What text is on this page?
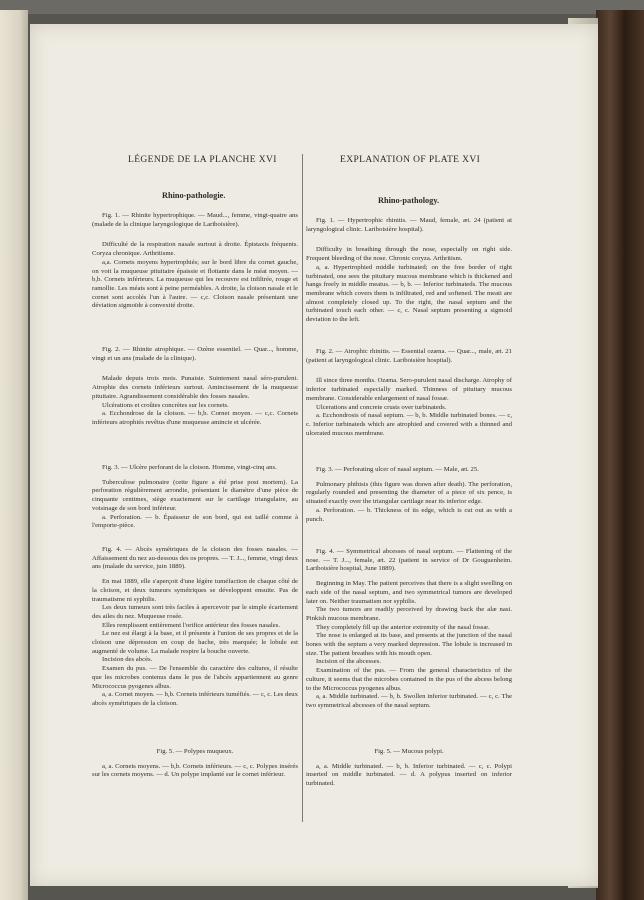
LÉGENDE DE LA PLANCHE XVI
Rhino-pathologie.

Fig. 1. — Rhinite hypertrophique. — Maud..., femme, vingt-quatre ans (malade de la clinique laryngologique de Lariboisière).

Difficulté de la respiration nasale surtout à droite. Épistaxis fréquents. Coryza chronique. Arthritisme.

a,a. Cornets moyens hypertrophiés; sur le bord libre du cornet gauche, on voit la muqueuse pituitaire épaissie et flottante dans le méat moyen. — b,b. Cornets inférieurs. La muqueuse qui les recouvre est infiltrée, rouge et ramollie. Les méats sont à peine perméables. A droite, la cloison nasale et le cornet sont accolés l'un à l'autre. — c,c. Cloison nasale présentant une déviation sigmoïde à convexité droite.

Fig. 2. — Rhinite atrophique. — Ozène essentiel. — Quar..., homme, vingt et un ans (malade de la clinique).

Malade depuis trois mois. Punaisie. Suintement nasal séro-purulent. Atrophie des cornets inférieurs surtout. Amincissement de la muqueuse pituitaire. Agrandissement considérable des fosses nasales.

Ulcérations et croûtes concrètes sur les cornets.

a. Ecchondrose de la cloison. — b,b. Cornet moyen. — c,c. Cornets inférieurs atrophiés revêtus d'une muqueuse amincie et ulcérée.

Fig. 3. — Ulcère perforant de la cloison. Homme, vingt-cinq ans.

Tuberculose pulmonaire (cette figure a été prise post mortem). La perforation régulièrement arrondie, présentant le diamètre d'une pièce de cinquante centimes, siège exactement sur le cartilage triangulaire, au voisinage de son bord inférieur.

a. Perforation. — b. Épaisseur de son bord, qui est taillé comme à l'emporte-pièce.

Fig. 4. — Abcès symétriques de la cloison des fosses nasales. — Affaissement du nez au-dessous des os propres. — T. J..., femme, vingt deux ans (malade du service, juin 1889).

En mai 1889, elle s'aperçoit d'une légère tuméfaction de chaque côté de la cloison, et deux tumeurs symétriques se développent ensuite. Pas de traumatisme ni syphilis.

Les deux tumeurs sont très faciles à apercevoir par le simple écartement des ailes du nez. Muqueuse rosée.

Elles remplissent entièrement l'orifice antérieur des fosses nasales.

Le nez est élargi à la base, et il présente à l'union de ses propres et de la cloison une dépression en coup de hache, très marquée; le lobule est augmenté de volume. La malade respire la bouche ouverte.

Incision des abcès.

Examen du pus. — De l'ensemble du caractère des cultures, il résulte que les microbes contenus dans le pus de l'abcès appartiennent au genre Micrococcus pyogenes albus.

a, a. Cornet moyen. — b,b. Cornets inférieurs tuméfiés. — c, c. Les deux abcès symétriques de la cloison.

Fig. 5. — Polypes muqueux.

a, a. Cornets moyens. — b,b. Cornets inférieurs. — c, c. Polypes insérés sur les cornets moyens. — d. Un polype implanté sur le cornet inférieur.

EXPLANATION OF PLATE XVI
Rhino-pathology.

Fig. 1. — Hypertrophic rhinitis. — Maud, female, æt. 24 (patient at laryngological clinic. Lariboisière hospital).

Difficulty in breathing through the nose, especially on right side. Frequent bleeding of the nose. Chronic coryza. Arthritism.

a, a. Hypertrophied middle turbinated; on the free border of right turbinated, one sees the pituitary mucous membrane which is thickened and hangs freely in middle meatus. — b, b. — Inferior turbinateds. The mucous membrane which covers them is infiltrated, red and softened. The meati are almost completely closed up. To the right, the nasal septum and the turbinated touch each other. — c, c. Nasal septum presenting a sigmoid deviation to the left.

Fig. 2. — Atrophic rhinitis. — Essential ozæna. — Quar..., male, æt. 21 (patient at laryngological clinic. Lariboisière hospital).

Ill since three months. Ozæna. Sero-purulent nasal discharge. Atrophy of inferior turbinated especially marked. Thinness of pituitary mucous membrane. Considerable enlargement of nasal fossæ.

Ulcerations and concrete crusts over turbinateds.

a. Ecchondrosis of nasal septum. — b, b. Middle turbinated bones. — c, c. Inferior turbinateds which are atrophied and covered with a thinned and ulcerated mucous membrane.

Fig. 3. — Perforating ulcer of nasal septum. — Male, æt. 25.

Pulmonary phthisis (this figure was drawn after death). The perforation, regularly rounded and presenting the diameter of a piece of six pence, is situated exactly over the triangular cartilage near its inferior edge.

a. Perforation. — b. Thickness of its edge, which is cut out as with a punch.

Fig. 4. — Symmetrical abcesses of nasal septum. — Flattening of the nose. — T. J..., female, æt. 22 (patient in service of Dr Gouguenheim. Lariboisière hospital, June 1889).

Beginning in May. The patient perceives that there is a slight swelling on each side of the nasal septum, and two symmetrical tumors are developed later on. Neither traumatism nor syphilis.

The two tumors are readily perceived by drawing back the alæ nasi. Pinkish mucous membrane.

They completely fill up the anterior extremity of the nasal fossæ.

The nose is enlarged at its base, and presents at the junction of the nasal bones with the septum a very marked depression. The lobule is increased in size. The patient breathes with his mouth open.

Incision of the abcesses.

Examination of the pus. — From the general characteristics of the culture, it seems that the microbes contained in the pus of the abcess belong to the Micrococcus pyogenes albus.

a, a. Middle turbinated. — b, b. Swollen inferior turbinated. — c, c. The two symmetrical abcesses of the nasal septum.

Fig. 5. — Mucous polypi.

a, a. Middle turbinated. — b, b. Inferior turbinated. — c, c. Polypi inserted on middle turbinated. — d. A polypus inserted on inferior turbinated.
